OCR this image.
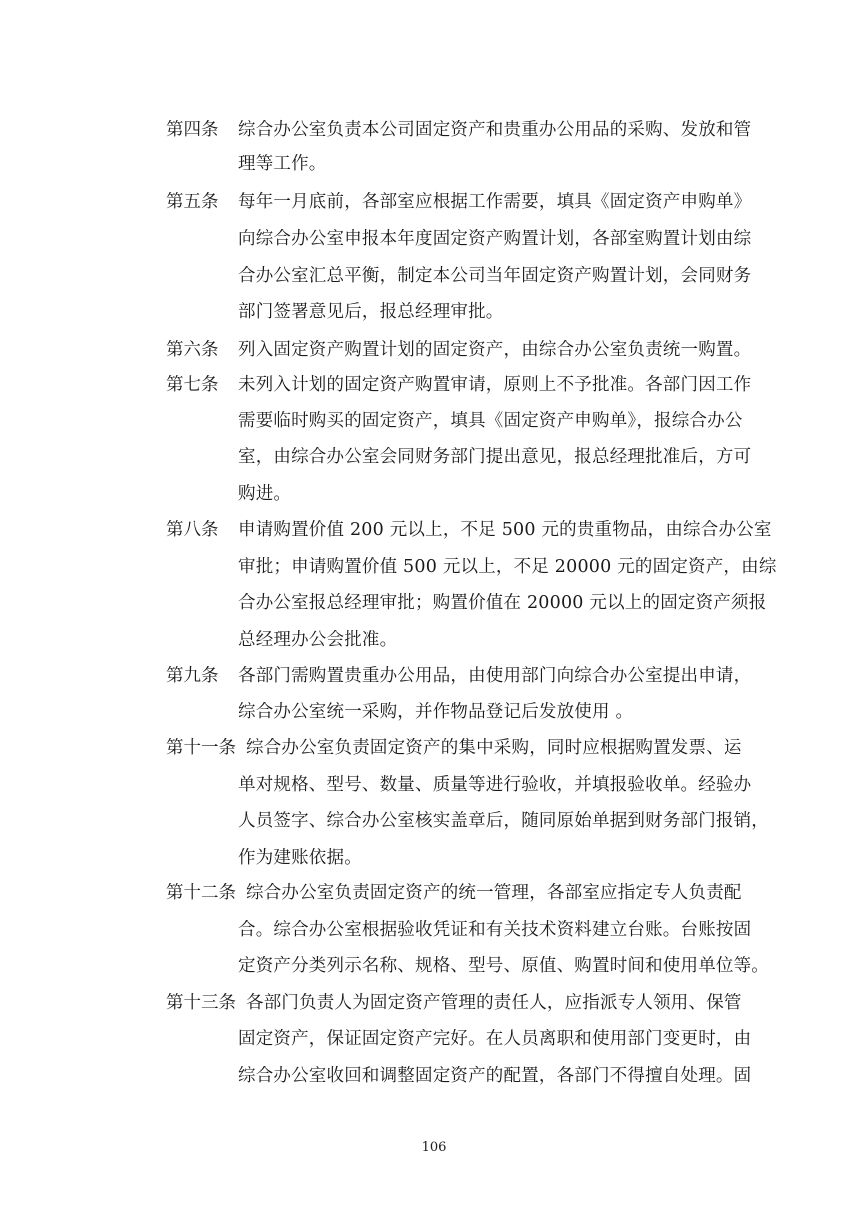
第四条 综合办公室负责本公司固定资产和贵重办公用品的采购、发放和管
理等工作。
第五条 每年一月底前，各部室应根据工作需要，填具《固定资产申购单》
向综合办公室申报本年度固定资产购置计划，各部室购置计划由综
合办公室汇总平衡，制定本公司当年固定资产购置计划，会同财务
部门签署意见后，报总经理审批。
第六条 列入固定资产购置计划的固定资产，由综合办公室负责统一购置。
第七条 未列入计划的固定资产购置审请，原则上不予批准。各部门因工作
需要临时购买的固定资产，填具《固定资产申购单》，报综合办公
室，由综合办公室会同财务部门提出意见，报总经理批准后，方可
购进。
第八条 申请购置价值 200 元以上，不足 500 元的贵重物品，由综合办公室
审批；申请购置价值 500 元以上，不足 20000 元的固定资产，由综
合办公室报总经理审批；购置价值在 20000 元以上的固定资产须报
总经理办公会批准。
第九条 各部门需购置贵重办公用品，由使用部门向综合办公室提出申请，
综合办公室统一采购，并作物品登记后发放使用 。
第十一条 综合办公室负责固定资产的集中采购，同时应根据购置发票、运
单对规格、型号、数量、质量等进行验收，并填报验收单。经验办
人员签字、综合办公室核实盖章后，随同原始单据到财务部门报销，
作为建账依据。
第十二条 综合办公室负责固定资产的统一管理，各部室应指定专人负责配
合。综合办公室根据验收凭证和有关技术资料建立台账。台账按固
定资产分类列示名称、规格、型号、原值、购置时间和使用单位等。
第十三条 各部门负责人为固定资产管理的责任人，应指派专人领用、保管
固定资产，保证固定资产完好。在人员离职和使用部门变更时，由
综合办公室收回和调整固定资产的配置，各部门不得擅自处理。固
106
